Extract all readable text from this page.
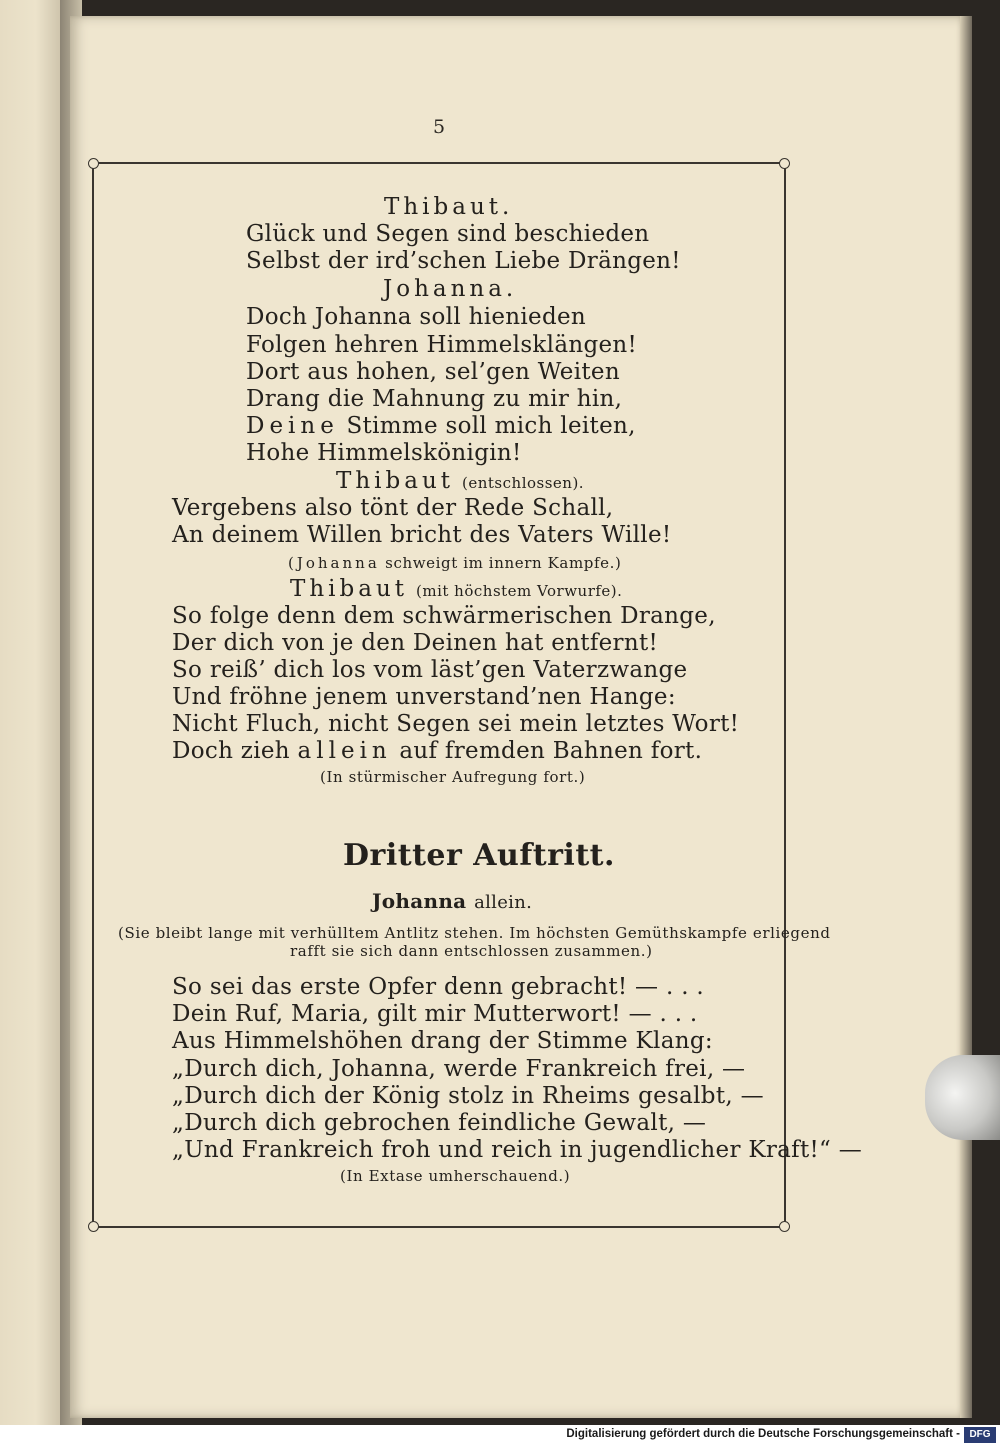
5
Thibaut.
Glück und Segen sind beschieden
Selbst der ird’schen Liebe Drängen!
Johanna.
Doch Johanna soll hienieden
Folgen hehren Himmelsklängen!
Dort aus hohen, sel’gen Weiten
Drang die Mahnung zu mir hin,
Deine Stimme soll mich leiten,
Hohe Himmelskönigin!
Thibaut (entschlossen).
Vergebens also tönt der Rede Schall,
An deinem Willen bricht des Vaters Wille!
(Johanna schweigt im innern Kampfe.)
Thibaut (mit höchstem Vorwurfe).
So folge denn dem schwärmerischen Drange,
Der dich von je den Deinen hat entfernt!
So reiß’ dich los vom läst’gen Vaterzwange
Und fröhne jenem unverstand’nen Hange:
Nicht Fluch, nicht Segen sei mein letztes Wort!
Doch zieh allein auf fremden Bahnen fort.
(In stürmischer Aufregung fort.)
Dritter Auftritt.
Johanna allein.
(Sie bleibt lange mit verhülltem Antlitz stehen. Im höchsten Gemüthskampfe erliegend
rafft sie sich dann entschlossen zusammen.)
So sei das erste Opfer denn gebracht! — . . .
Dein Ruf, Maria, gilt mir Mutterwort! — . . .
Aus Himmelshöhen drang der Stimme Klang:
„Durch dich, Johanna, werde Frankreich frei, —
„Durch dich der König stolz in Rheims gesalbt, —
„Durch dich gebrochen feindliche Gewalt, —
„Und Frankreich froh und reich in jugendlicher Kraft!“ —
(In Extase umherschauend.)
Digitalisierung gefördert durch die Deutsche Forschungsgemeinschaft - DFG
